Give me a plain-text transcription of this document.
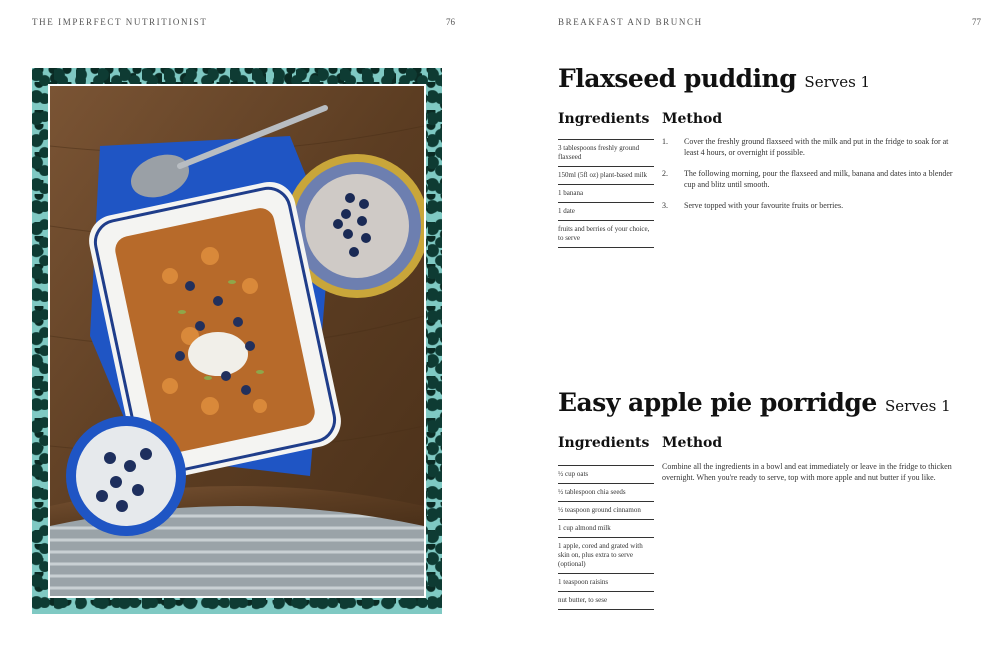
THE IMPERFECT NUTRITIONIST	76	BREAKFAST AND BRUNCH	77
Flaxseed pudding Serves 1
Ingredients Method
3 tablespoons freshly ground flaxseed
150ml (5fl oz) plant-based milk
1 banana
1 date
fruits and berries of your choice, to serve
1.	Cover the freshly ground flaxseed with the milk and put in the fridge to soak for at least 4 hours, or overnight if possible.
2.	The following morning, pour the flaxseed and milk, banana and dates into a blender cup and blitz until smooth.
3.	Serve topped with your favourite fruits or berries.
Easy apple pie porridge Serves 1
Ingredients Method
½ cup oats
½ tablespoon chia seeds
½ teaspoon ground cinnamon
1 cup almond milk
1 apple, cored and grated with skin on, plus extra to serve (optional)
1 teaspoon raisins
nut butter, to sese

Combine all the ingredients in a bowl and eat immediately or leave in the fridge to thicken overnight. When you're ready to serve, top with more apple and nut butter if you like.
